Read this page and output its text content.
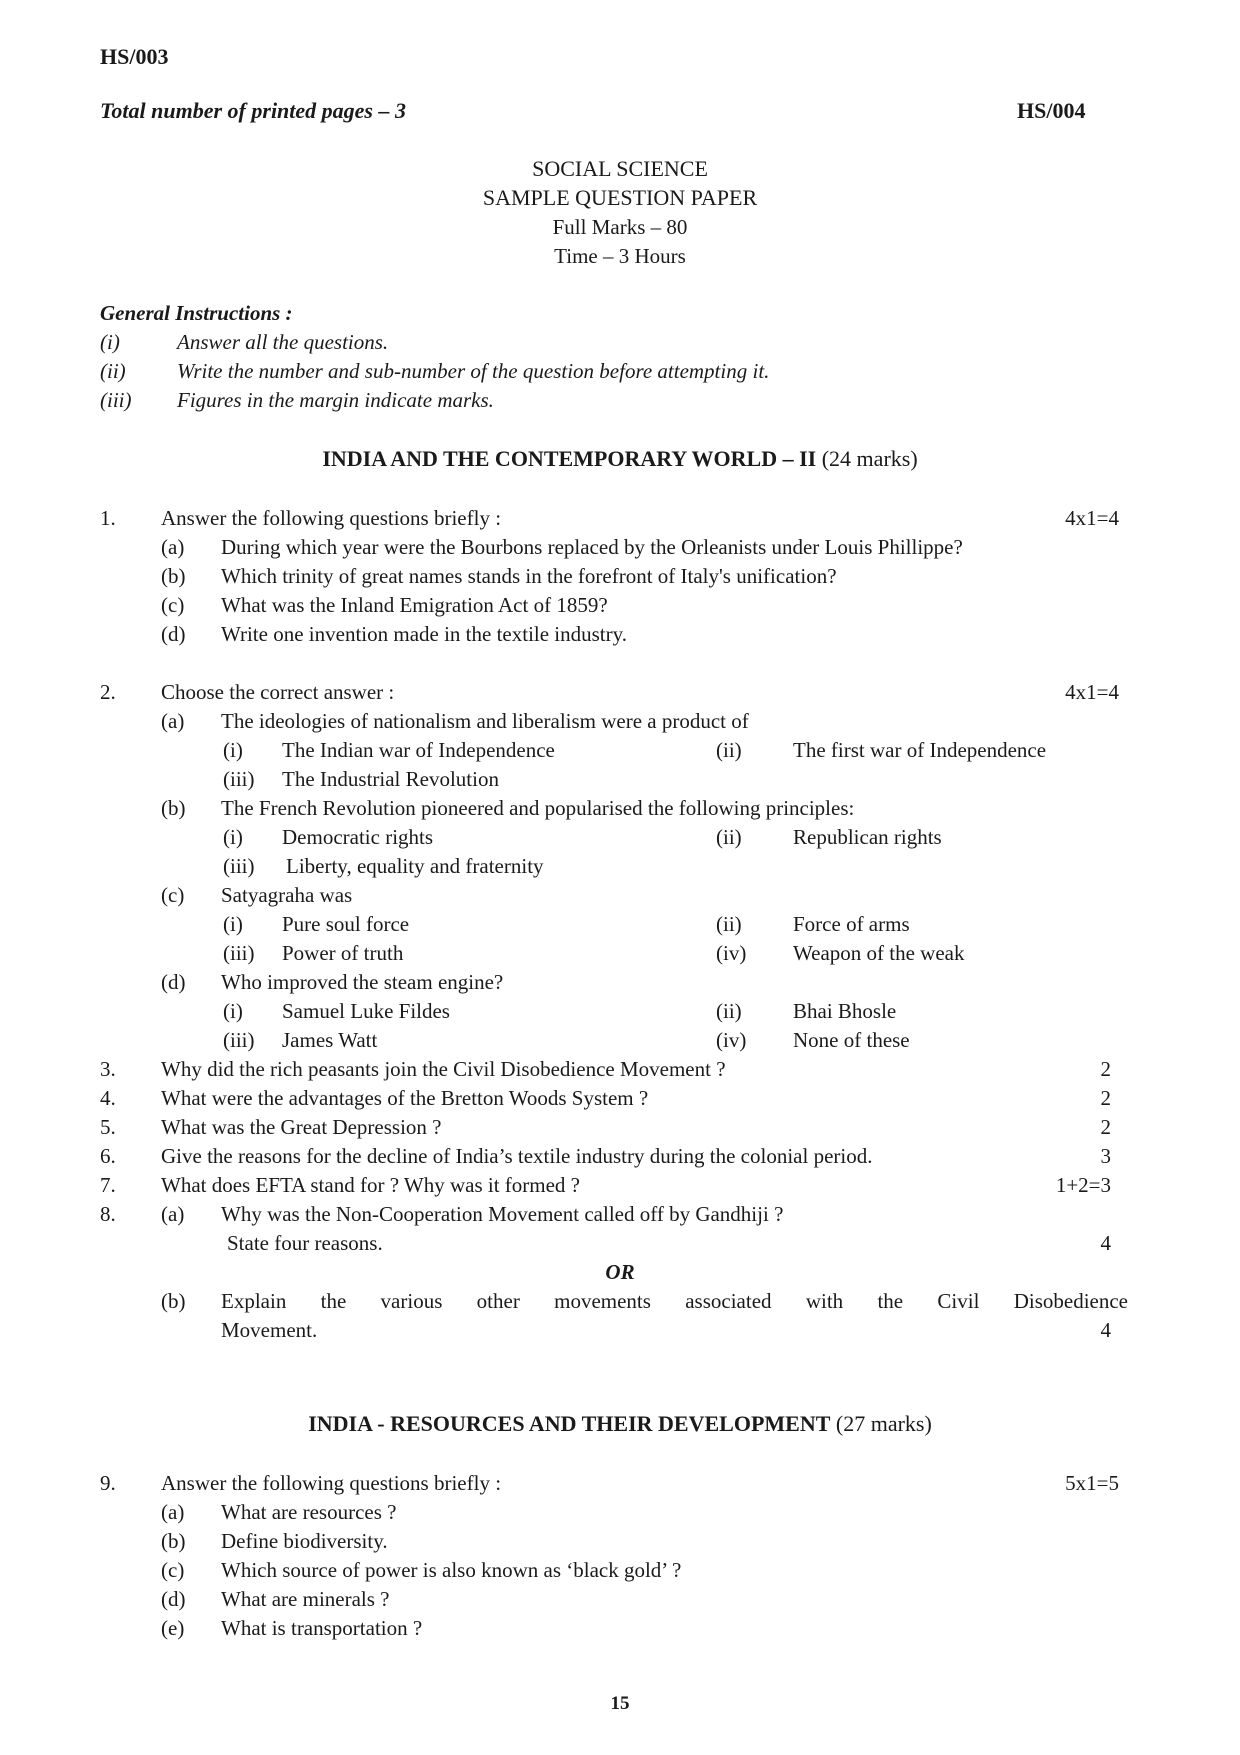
HS/003
Total number of printed pages – 3	HS/004
SOCIAL SCIENCE
SAMPLE QUESTION PAPER
Full Marks – 80
Time – 3 Hours
General Instructions :
(i)	Answer all the questions.
(ii) Write the number and sub-number of the question before attempting it.
(iii) Figures in the margin indicate marks.
INDIA AND THE CONTEMPORARY WORLD – II (24 marks)
1. Answer the following questions briefly :	4x1=4
(a) During which year were the Bourbons replaced by the Orleanists under Louis Phillippe?
(b) Which trinity of great names stands in the forefront of Italy's unification?
(c) What was the Inland Emigration Act of 1859?
(d) Write one invention made in the textile industry.
2. Choose the correct answer :	4x1=4
(a) The ideologies of nationalism and liberalism were a product of
(i) The Indian war of Independence	(ii) The first war of Independence
(iii) The Industrial Revolution
(b) The French Revolution pioneered and popularised the following principles:
(i) Democratic rights	(ii) Republican rights
(iii) Liberty, equality and fraternity
(c) Satyagraha was
(i) Pure soul force	(ii) Force of arms
(iii) Power of truth	(iv) Weapon of the weak
(d) Who improved the steam engine?
(i) Samuel Luke Fildes	(ii) Bhai Bhosle
(iii) James Watt	(iv) None of these
3. Why did the rich peasants join the Civil Disobedience Movement ?	2
4. What were the advantages of the Bretton Woods System ?	2
5. What was the Great Depression ?	2
6. Give the reasons for the decline of India’s textile industry during the colonial period.	3
7. What does EFTA stand for ? Why was it formed ?	1+2=3
8. (a) Why was the Non-Cooperation Movement called off by Gandhiji ?
State four reasons.	4
OR
(b) Explain the various other movements associated with the Civil Disobedience
Movement.	4
INDIA - RESOURCES AND THEIR DEVELOPMENT (27 marks)
9. Answer the following questions briefly :	5x1=5
(a) What are resources ?
(b) Define biodiversity.
(c) Which source of power is also known as ‘black gold’ ?
(d) What are minerals ?
(e) What is transportation ?
15
